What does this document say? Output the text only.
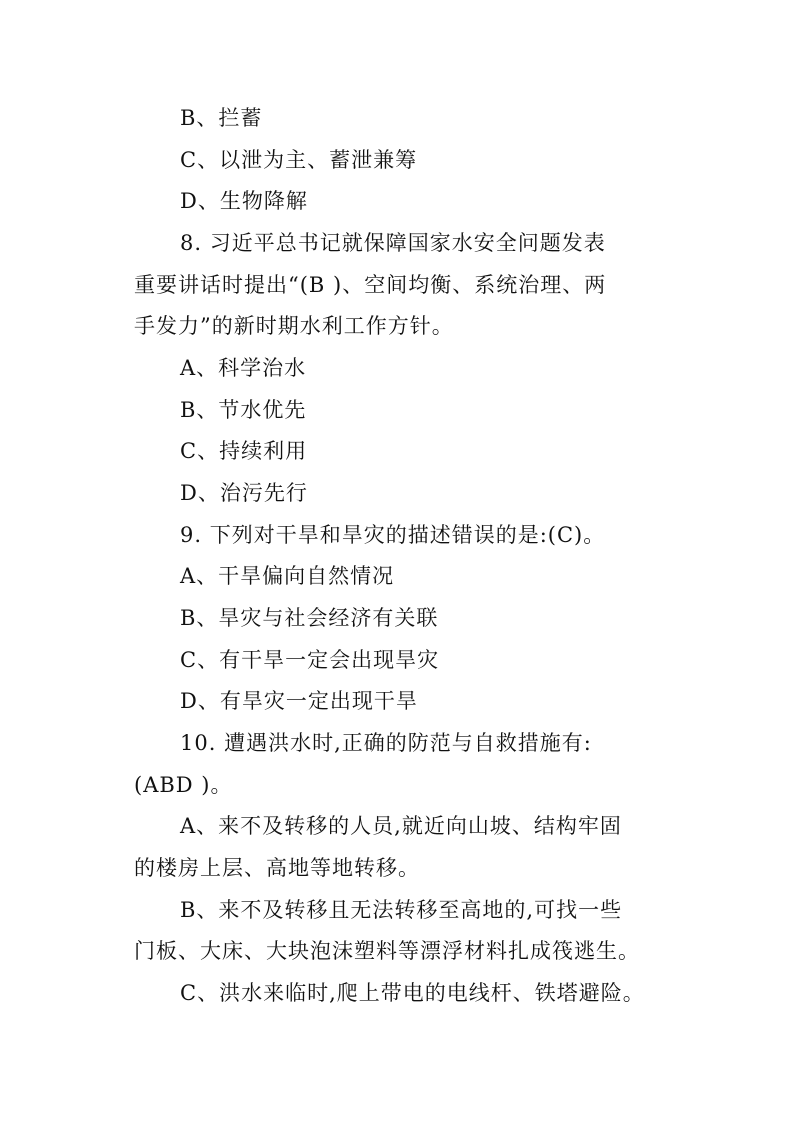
B、拦蓄
C、以泄为主、蓄泄兼筹
D、生物降解
8. 习近平总书记就保障国家水安全问题发表
重要讲话时提出“(B )、空间均衡、系统治理、两
手发力”的新时期水利工作方针。
A、科学治水
B、节水优先
C、持续利用
D、治污先行
9. 下列对干旱和旱灾的描述错误的是:(C)。
A、干旱偏向自然情况
B、旱灾与社会经济有关联
C、有干旱一定会出现旱灾
D、有旱灾一定出现干旱
10. 遭遇洪水时,正确的防范与自救措施有:
(ABD )。
A、来不及转移的人员,就近向山坡、结构牢固
的楼房上层、高地等地转移。
B、来不及转移且无法转移至高地的,可找一些
门板、大床、大块泡沫塑料等漂浮材料扎成筏逃生。
C、洪水来临时,爬上带电的电线杆、铁塔避险。
